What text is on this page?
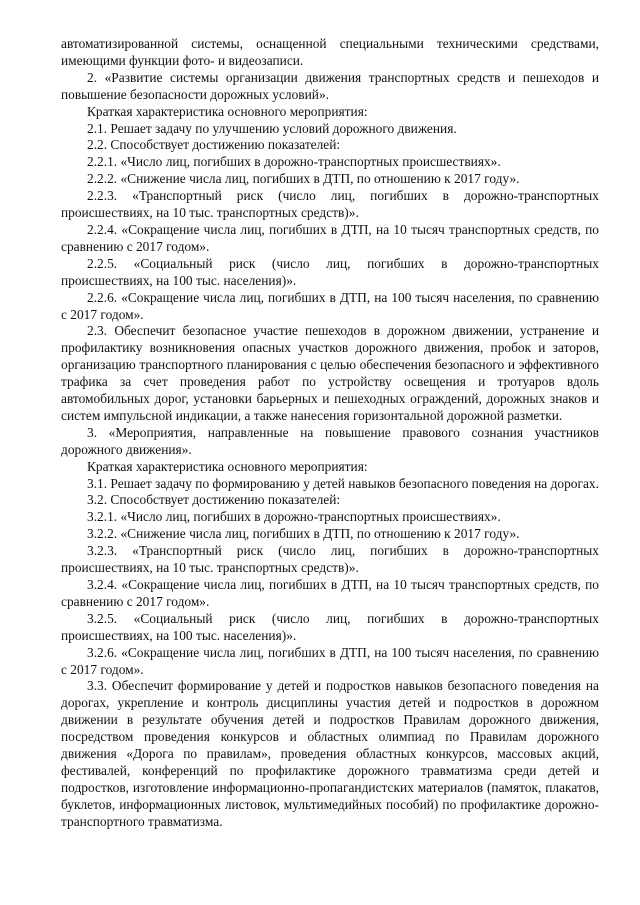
автоматизированной системы, оснащенной специальными техническими средствами, имеющими функции фото- и видеозаписи.

2. «Развитие системы организации движения транспортных средств и пешеходов и повышение безопасности дорожных условий».

Краткая характеристика основного мероприятия:

2.1. Решает задачу по улучшению условий дорожного движения.

2.2. Способствует достижению показателей:

2.2.1. «Число лиц, погибших в дорожно-транспортных происшествиях».

2.2.2. «Снижение числа лиц, погибших в ДТП, по отношению к 2017 году».

2.2.3. «Транспортный риск (число лиц, погибших в дорожно-транспортных происшествиях, на 10 тыс. транспортных средств)».

2.2.4. «Сокращение числа лиц, погибших в ДТП, на 10 тысяч транспортных средств, по сравнению с 2017 годом».

2.2.5. «Социальный риск (число лиц, погибших в дорожно-транспортных происшествиях, на 100 тыс. населения)».

2.2.6. «Сокращение числа лиц, погибших в ДТП, на 100 тысяч населения, по сравнению с 2017 годом».

2.3. Обеспечит безопасное участие пешеходов в дорожном движении, устранение и профилактику возникновения опасных участков дорожного движения, пробок и заторов, организацию транспортного планирования с целью обеспечения безопасного и эффективного трафика за счет проведения работ по устройству освещения и тротуаров вдоль автомобильных дорог, установки барьерных и пешеходных ограждений, дорожных знаков и систем импульсной индикации, а также нанесения горизонтальной дорожной разметки.

3. «Мероприятия, направленные на повышение правового сознания участников дорожного движения».

Краткая характеристика основного мероприятия:

3.1. Решает задачу по формированию у детей навыков безопасного поведения на дорогах.

3.2. Способствует достижению показателей:

3.2.1. «Число лиц, погибших в дорожно-транспортных происшествиях».

3.2.2. «Снижение числа лиц, погибших в ДТП, по отношению к 2017 году».

3.2.3. «Транспортный риск (число лиц, погибших в дорожно-транспортных происшествиях, на 10 тыс. транспортных средств)».

3.2.4. «Сокращение числа лиц, погибших в ДТП, на 10 тысяч транспортных средств, по сравнению с 2017 годом».

3.2.5. «Социальный риск (число лиц, погибших в дорожно-транспортных происшествиях, на 100 тыс. населения)».

3.2.6. «Сокращение числа лиц, погибших в ДТП, на 100 тысяч населения, по сравнению с 2017 годом».

3.3. Обеспечит формирование у детей и подростков навыков безопасного поведения на дорогах, укрепление и контроль дисциплины участия детей и подростков в дорожном движении в результате обучения детей и подростков Правилам дорожного движения, посредством проведения конкурсов и областных олимпиад по Правилам дорожного движения «Дорога по правилам», проведения областных конкурсов, массовых акций, фестивалей, конференций по профилактике дорожного травматизма среди детей и подростков, изготовление информационно-пропагандистских материалов (памяток, плакатов, буклетов, информационных листовок, мультимедийных пособий) по профилактике дорожно-транспортного травматизма.
